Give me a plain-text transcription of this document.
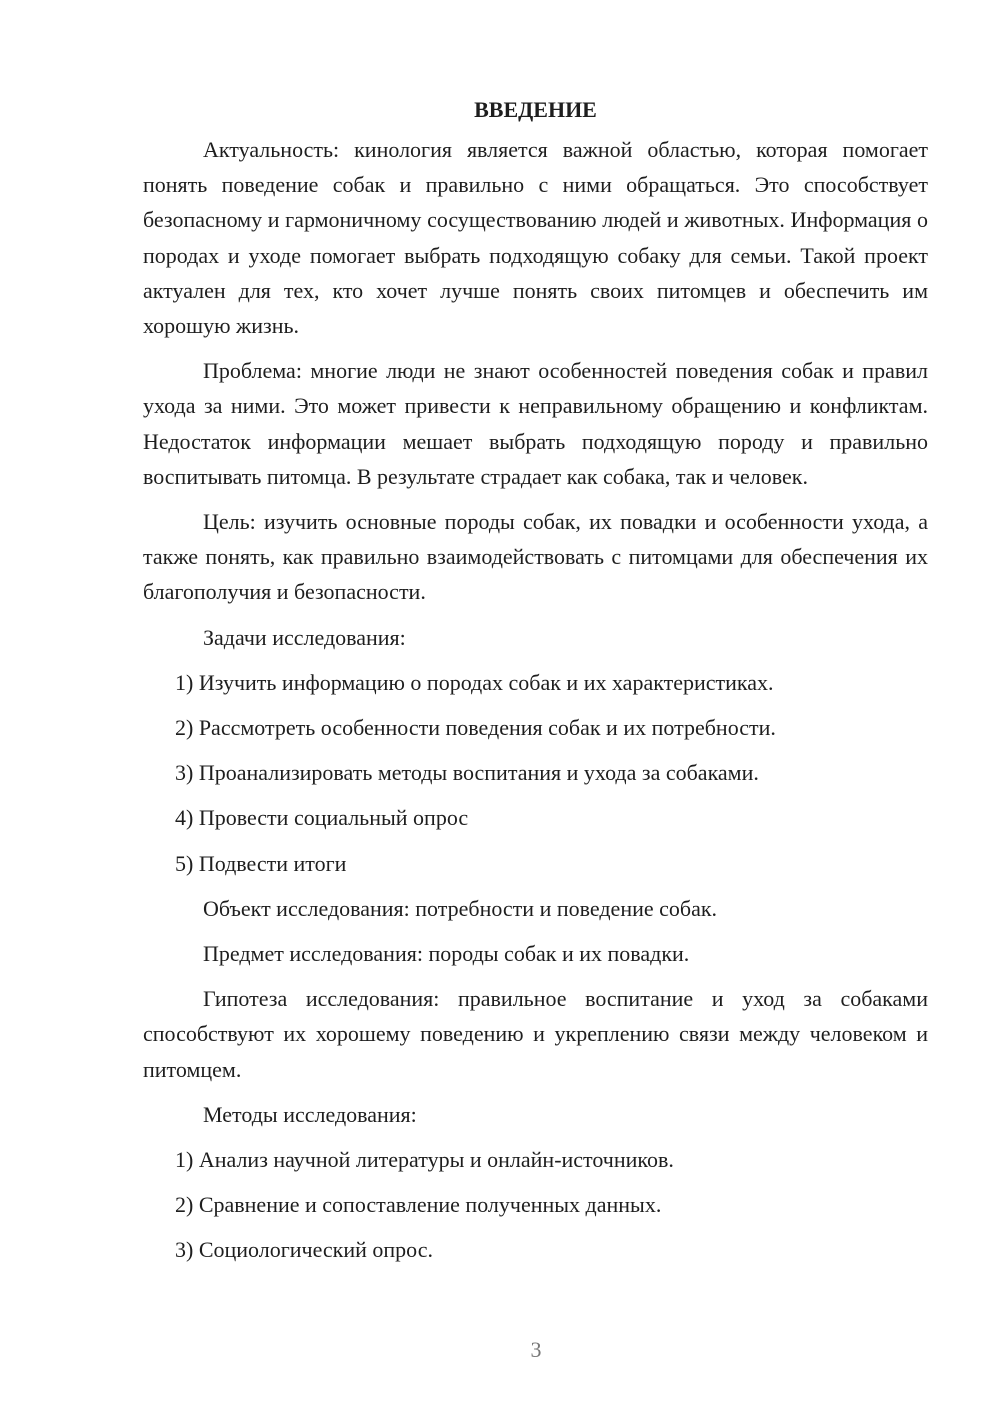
ВВЕДЕНИЕ

Актуальность: кинология является важной областью, которая помогает понять поведение собак и правильно с ними обращаться. Это способствует безопасному и гармоничному сосуществованию людей и животных. Информация о породах и уходе помогает выбрать подходящую собаку для семьи. Такой проект актуален для тех, кто хочет лучше понять своих питомцев и обеспечить им хорошую жизнь.

Проблема: многие люди не знают особенностей поведения собак и правил ухода за ними. Это может привести к неправильному обращению и конфликтам. Недостаток информации мешает выбрать подходящую породу и правильно воспитывать питомца. В результате страдает как собака, так и человек.

Цель: изучить основные породы собак, их повадки и особенности ухода, а также понять, как правильно взаимодействовать с питомцами для обеспечения их благополучия и безопасности.

Задачи исследования:
1) Изучить информацию о породах собак и их характеристиках.
2) Рассмотреть особенности поведения собак и их потребности.
3) Проанализировать методы воспитания и ухода за собаками.
4) Провести социальный опрос
5) Подвести итоги
Объект исследования: потребности и поведение собак.
Предмет исследования: породы собак и их повадки.

Гипотеза исследования: правильное воспитание и уход за собаками способствуют их хорошему поведению и укреплению связи между человеком и питомцем.

Методы исследования:
1) Анализ научной литературы и онлайн-источников.
2) Сравнение и сопоставление полученных данных.
3) Социологический опрос.
3
